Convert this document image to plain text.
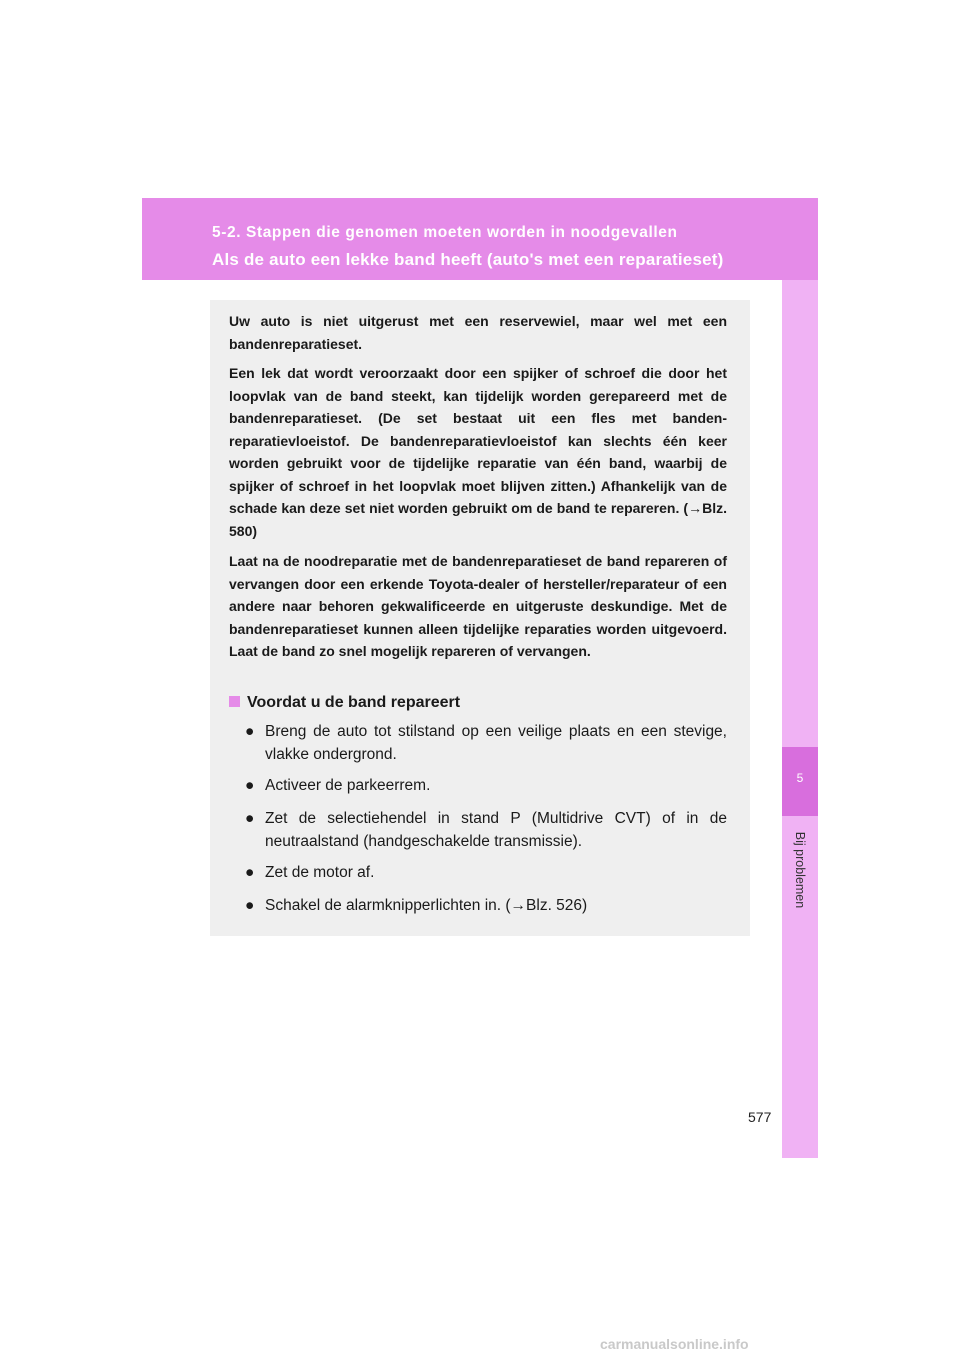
5-2. Stappen die genomen moeten worden in noodgevallen
Als de auto een lekke band heeft (auto's met een reparatieset)
5
Bij problemen
Uw auto is niet uitgerust met een reservewiel, maar wel met een bandenreparatieset.
Een lek dat wordt veroorzaakt door een spijker of schroef die door het loopvlak van de band steekt, kan tijdelijk worden gerepareerd met de bandenreparatieset. (De set bestaat uit een fles met banden-reparatievloeistof. De bandenreparatievloeistof kan slechts één keer worden gebruikt voor de tijdelijke reparatie van één band, waarbij de spijker of schroef in het loopvlak moet blijven zitten.) Afhankelijk van de schade kan deze set niet worden gebruikt om de band te repareren. (→Blz. 580)
Laat na de noodreparatie met de bandenreparatieset de band repareren of vervangen door een erkende Toyota-dealer of hersteller/reparateur of een andere naar behoren gekwalificeerde en uitgeruste deskundige. Met de bandenreparatieset kunnen alleen tijdelijke reparaties worden uitgevoerd. Laat de band zo snel mogelijk repareren of vervangen.
Voordat u de band repareert
● Breng de auto tot stilstand op een veilige plaats en een stevige, vlakke ondergrond.
● Activeer de parkeerrem.
● Zet de selectiehendel in stand P (Multidrive CVT) of in de neutraalstand (handgeschakelde transmissie).
● Zet de motor af.
● Schakel de alarmknipperlichten in. (→Blz. 526)
577
carmanualsonline.info
